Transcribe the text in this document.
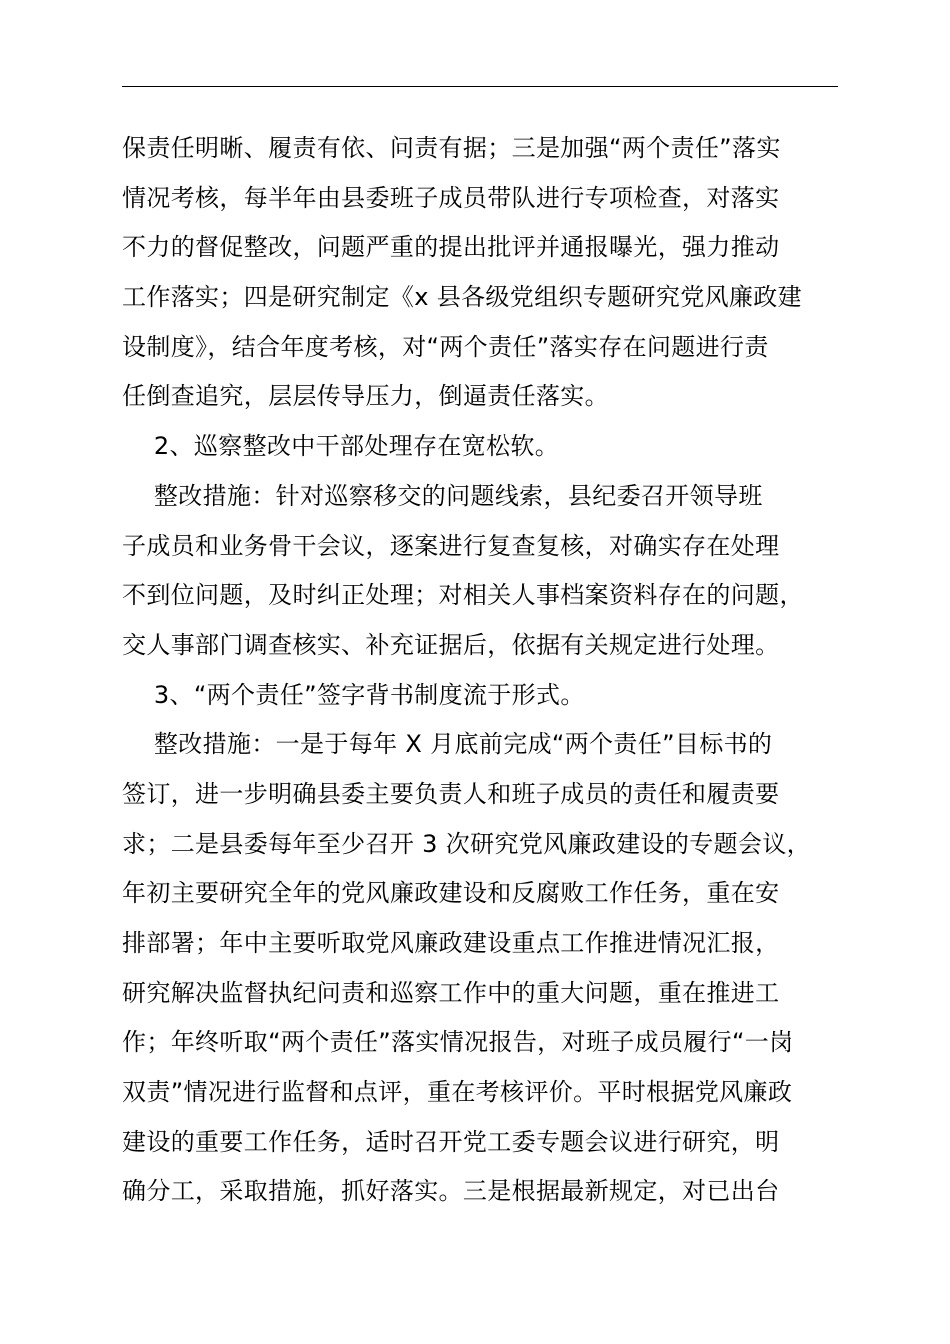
保责任明晰、履责有依、问责有据；三是加强“两个责任”落实
情况考核，每半年由县委班子成员带队进行专项检查，对落实
不力的督促整改，问题严重的提出批评并通报曝光，强力推动
工作落实；四是研究制定《x 县各级党组织专题研究党风廉政建
设制度》，结合年度考核，对“两个责任”落实存在问题进行责
任倒查追究，层层传导压力，倒逼责任落实。
2、巡察整改中干部处理存在宽松软。
整改措施：针对巡察移交的问题线索，县纪委召开领导班
子成员和业务骨干会议，逐案进行复查复核，对确实存在处理
不到位问题，及时纠正处理；对相关人事档案资料存在的问题，
交人事部门调查核实、补充证据后，依据有关规定进行处理。
3、“两个责任”签字背书制度流于形式。
整改措施：一是于每年 X 月底前完成“两个责任”目标书的
签订，进一步明确县委主要负责人和班子成员的责任和履责要
求；二是县委每年至少召开 3 次研究党风廉政建设的专题会议，
年初主要研究全年的党风廉政建设和反腐败工作任务，重在安
排部署；年中主要听取党风廉政建设重点工作推进情况汇报，
研究解决监督执纪问责和巡察工作中的重大问题，重在推进工
作；年终听取“两个责任”落实情况报告，对班子成员履行“一岗
双责”情况进行监督和点评，重在考核评价。平时根据党风廉政
建设的重要工作任务，适时召开党工委专题会议进行研究，明
确分工，采取措施，抓好落实。三是根据最新规定，对已出台
